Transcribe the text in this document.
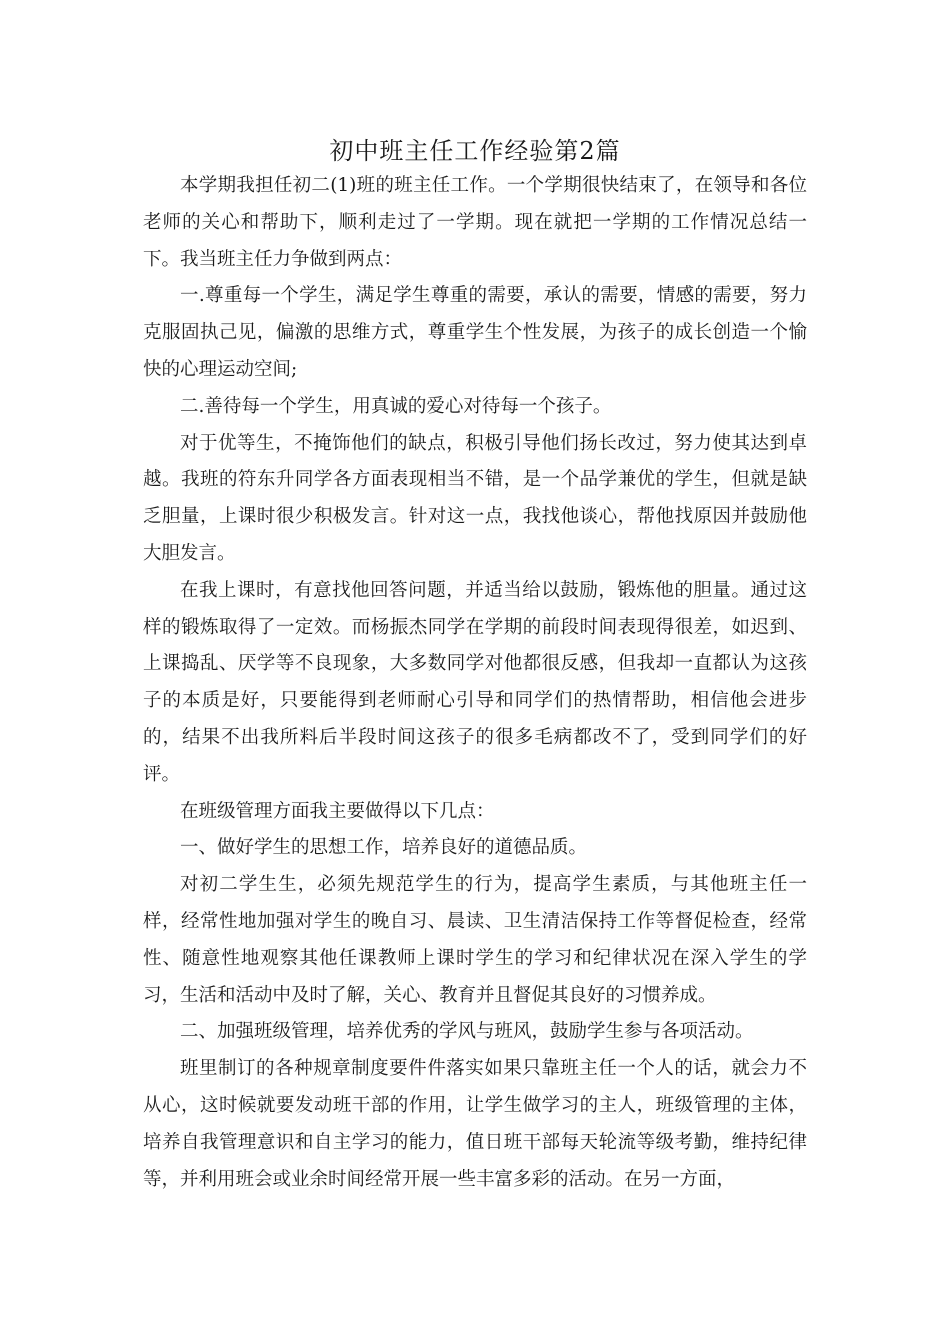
初中班主任工作经验第2篇

本学期我担任初二(1)班的班主任工作。一个学期很快结束了，在领导和各位老师的关心和帮助下，顺利走过了一学期。现在就把一学期的工作情况总结一下。我当班主任力争做到两点：

一.尊重每一个学生，满足学生尊重的需要，承认的需要，情感的需要，努力克服固执己见，偏激的思维方式，尊重学生个性发展，为孩子的成长创造一个愉快的心理运动空间;

二.善待每一个学生，用真诚的爱心对待每一个孩子。

对于优等生，不掩饰他们的缺点，积极引导他们扬长改过，努力使其达到卓越。我班的符东升同学各方面表现相当不错，是一个品学兼优的学生，但就是缺乏胆量，上课时很少积极发言。针对这一点，我找他谈心，帮他找原因并鼓励他大胆发言。

在我上课时，有意找他回答问题，并适当给以鼓励，锻炼他的胆量。通过这样的锻炼取得了一定效。而杨振杰同学在学期的前段时间表现得很差，如迟到、上课捣乱、厌学等不良现象，大多数同学对他都很反感，但我却一直都认为这孩子的本质是好，只要能得到老师耐心引导和同学们的热情帮助，相信他会进步的，结果不出我所料后半段时间这孩子的很多毛病都改不了，受到同学们的好评。

在班级管理方面我主要做得以下几点：

一、做好学生的思想工作，培养良好的道德品质。

对初二学生生，必须先规范学生的行为，提高学生素质，与其他班主任一样，经常性地加强对学生的晚自习、晨读、卫生清洁保持工作等督促检查，经常性、随意性地观察其他任课教师上课时学生的学习和纪律状况在深入学生的学习，生活和活动中及时了解，关心、教育并且督促其良好的习惯养成。

二、加强班级管理，培养优秀的学风与班风，鼓励学生参与各项活动。

班里制订的各种规章制度要件件落实如果只靠班主任一个人的话，就会力不从心，这时候就要发动班干部的作用，让学生做学习的主人，班级管理的主体，培养自我管理意识和自主学习的能力，值日班干部每天轮流等级考勤，维持纪律等，并利用班会或业余时间经常开展一些丰富多彩的活动。在另一方面，
